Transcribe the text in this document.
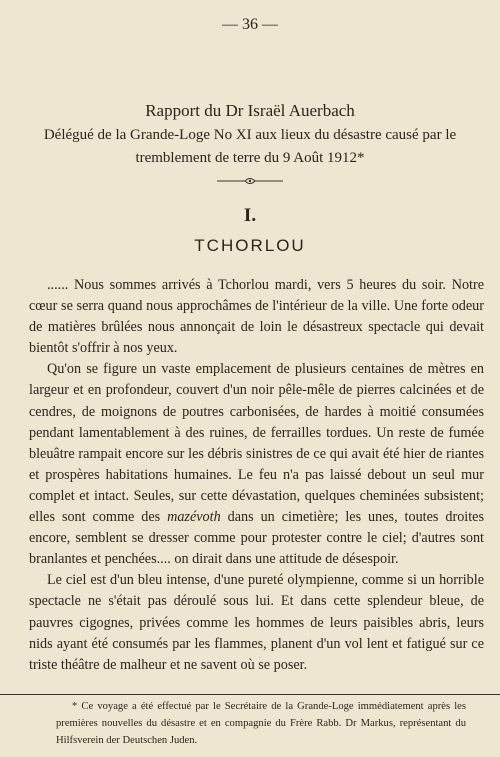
— 36 —
Rapport du Dr Israël Auerbach
Délégué de la Grande-Loge No XI aux lieux du désastre causé par le tremblement de terre du 9 Août 1912*
I.
TCHORLOU

...... Nous sommes arrivés à Tchorlou mardi, vers 5 heures du soir. Notre cœur se serra quand nous approchâmes de l'intérieur de la ville. Une forte odeur de matières brûlées nous annonçait de loin le désastreux spectacle qui devait bientôt s'offrir à nos yeux.

Qu'on se figure un vaste emplacement de plusieurs centaines de mètres en largeur et en profondeur, couvert d'un noir pêle-mêle de pierres calcinées et de cendres, de moignons de poutres carbonisées, de hardes à moitié consumées pendant lamentablement à des ruines, de ferrailles tordues. Un reste de fumée bleuâtre rampait encore sur les débris sinistres de ce qui avait été hier de riantes et prospères habitations humaines. Le feu n'a pas laissé debout un seul mur complet et intact. Seules, sur cette dévastation, quelques cheminées subsistent; elles sont comme des mazévoth dans un cimetière; les unes, toutes droites encore, semblent se dresser comme pour protester contre le ciel; d'autres sont branlantes et penchées.... on dirait dans une attitude de désespoir.

Le ciel est d'un bleu intense, d'une pureté olympienne, comme si un horrible spectacle ne s'était pas déroulé sous lui. Et dans cette splendeur bleue, de pauvres cigognes, privées comme les hommes de leurs paisibles abris, leurs nids ayant été consumés par les flammes, planent d'un vol lent et fatigué sur ce triste théâtre de malheur et ne savent où se poser.

* Ce voyage a été effectué par le Secrétaire de la Grande-Loge immédiatement après les premières nouvelles du désastre et en compagnie du Frère Rabb. Dr Markus, représentant du Hilfsverein der Deutschen Juden.
